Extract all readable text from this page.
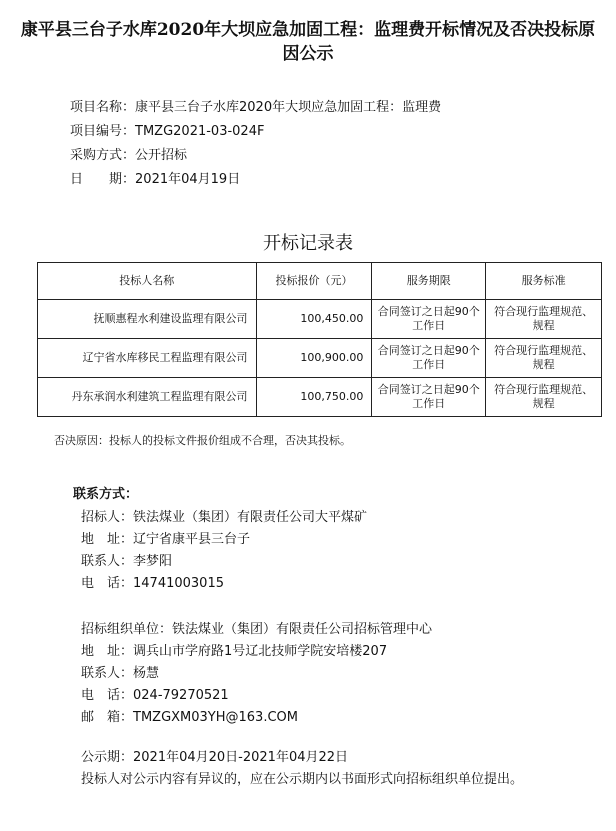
康平县三台子水库2020年大坝应急加固工程：监理费开标情况及否决投标原因公示
项目名称：康平县三台子水库2020年大坝应急加固工程：监理费
项目编号：TMZG2021-03-024F
采购方式：公开招标
日 期：2021年04月19日
开标记录表
投标人名称	投标报价（元）	服务期限	服务标准
抚顺惠程水利建设监理有限公司	100,450.00	合同签订之日起90个工作日	符合现行监理规范、规程
辽宁省水库移民工程监理有限公司	100,900.00	合同签订之日起90个工作日	符合现行监理规范、规程
丹东承润水利建筑工程监理有限公司	100,750.00	合同签订之日起90个工作日	符合现行监理规范、规程
否决原因：投标人的投标文件报价组成不合理，否决其投标。
联系方式：
招标人：铁法煤业（集团）有限责任公司大平煤矿
地　址：辽宁省康平县三台子
联系人：李梦阳
电　话：14741003015
招标组织单位：铁法煤业（集团）有限责任公司招标管理中心
地　址：调兵山市学府路1号辽北技师学院安培楼207
联系人：杨慧
电　话：024-79270521
邮　箱：TMZGXM03YH@163.COM
公示期：2021年04月20日-2021年04月22日
投标人对公示内容有异议的，应在公示期内以书面形式向招标组织单位提出。
